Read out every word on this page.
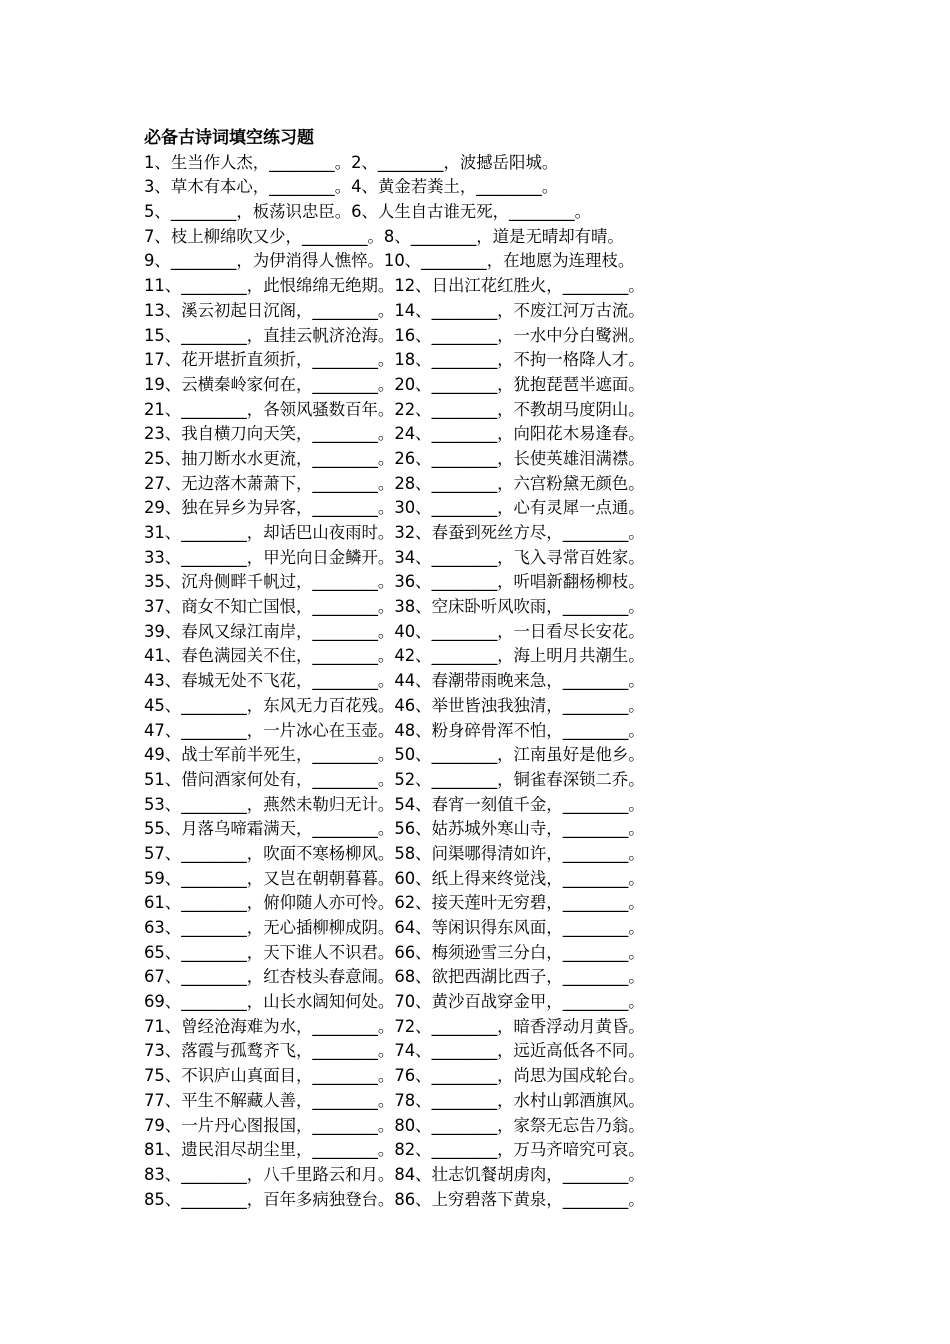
必备古诗词填空练习题
1、生当作人杰，________。2、________，波撼岳阳城。
3、草木有本心，________。4、黄金若粪土，________。
5、________，板荡识忠臣。6、人生自古谁无死，________。
7、枝上柳绵吹又少，________。8、________，道是无晴却有晴。
9、________，为伊消得人憔悴。10、________，在地愿为连理枝。
11、________，此恨绵绵无绝期。12、日出江花红胜火，________。
13、溪云初起日沉阁，________。14、________，不废江河万古流。
15、________，直挂云帆济沧海。16、________，一水中分白鹭洲。
17、花开堪折直须折，________。18、________，不拘一格降人才。
19、云横秦岭家何在，________。20、________，犹抱琵琶半遮面。
21、________，各领风骚数百年。22、________，不教胡马度阴山。
23、我自横刀向天笑，________。24、________，向阳花木易逢春。
25、抽刀断水水更流，________。26、________，长使英雄泪满襟。
27、无边落木萧萧下，________。28、________，六宫粉黛无颜色。
29、独在异乡为异客，________。30、________，心有灵犀一点通。
31、________，却话巴山夜雨时。32、春蚕到死丝方尽，________。
33、________，甲光向日金鳞开。34、________，飞入寻常百姓家。
35、沉舟侧畔千帆过，________。36、________，听唱新翻杨柳枝。
37、商女不知亡国恨，________。38、空床卧听风吹雨，________。
39、春风又绿江南岸，________。40、________，一日看尽长安花。
41、春色满园关不住，________。42、________，海上明月共潮生。
43、春城无处不飞花，________。44、春潮带雨晚来急，________。
45、________，东风无力百花残。46、举世皆浊我独清，________。
47、________，一片冰心在玉壶。48、粉身碎骨浑不怕，________。
49、战士军前半死生，________。50、________，江南虽好是他乡。
51、借问酒家何处有，________。52、________，铜雀春深锁二乔。
53、________，燕然未勒归无计。54、春宵一刻值千金，________。
55、月落乌啼霜满天，________。56、姑苏城外寒山寺，________。
57、________，吹面不寒杨柳风。58、问渠哪得清如许，________。
59、________，又岂在朝朝暮暮。60、纸上得来终觉浅，________。
61、________，俯仰随人亦可怜。62、接天莲叶无穷碧，________。
63、________，无心插柳柳成阴。64、等闲识得东风面，________。
65、________，天下谁人不识君。66、梅须逊雪三分白，________。
67、________，红杏枝头春意闹。68、欲把西湖比西子，________。
69、________，山长水阔知何处。70、黄沙百战穿金甲，________。
71、曾经沧海难为水，________。72、________，暗香浮动月黄昏。
73、落霞与孤鹜齐飞，________。74、________，远近高低各不同。
75、不识庐山真面目，________。76、________，尚思为国戍轮台。
77、平生不解藏人善，________。78、________，水村山郭酒旗风。
79、一片丹心图报国，________。80、________，家祭无忘告乃翁。
81、遗民泪尽胡尘里，________。82、________，万马齐喑究可哀。
83、________，八千里路云和月。84、壮志饥餐胡虏肉，________。
85、________，百年多病独登台。86、上穷碧落下黄泉，________。
